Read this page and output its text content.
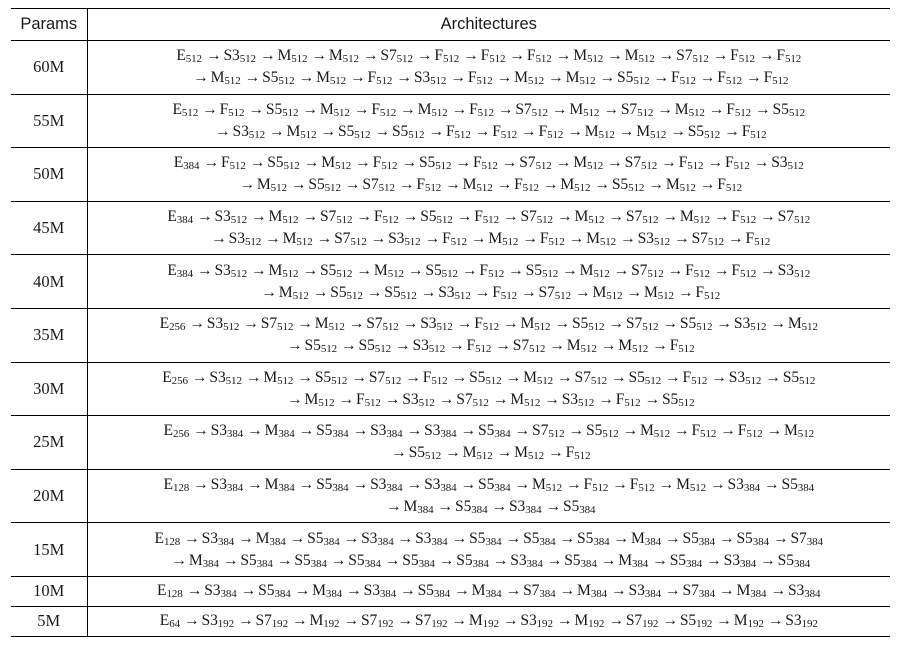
Params	Architectures
60M	$E_{512} \to S3_{512} \to M_{512} \to M_{512} \to S7_{512} \to F_{512} \to F_{512} \to F_{512} \to M_{512} \to M_{512} \to S7_{512} \to F_{512} \to F_{512}$
→ $M_{512} \to S5_{512} \to M_{512} \to F_{512} \to S3_{512} \to F_{512} \to M_{512} \to M_{512} \to S5_{512} \to F_{512} \to F_{512} \to F_{512}$

55M	$E_{512} \to F_{512} \to S5_{512} \to M_{512} \to F_{512} \to M_{512} \to F_{512} \to S7_{512} \to M_{512} \to S7_{512} \to M_{512} \to F_{512} \to S5_{512}$
→ $S3_{512} \to M_{512} \to S5_{512} \to S5_{512} \to F_{512} \to F_{512} \to F_{512} \to M_{512} \to M_{512} \to S5_{512} \to F_{512}$

50M	$E_{384} \to F_{512} \to S5_{512} \to M_{512} \to F_{512} \to S5_{512} \to F_{512} \to S7_{512} \to M_{512} \to S7_{512} \to F_{512} \to F_{512} \to S3_{512}$
→ $M_{512} \to S5_{512} \to S7_{512} \to F_{512} \to M_{512} \to F_{512} \to M_{512} \to S5_{512} \to M_{512} \to F_{512}$

45M	$E_{384} \to S3_{512} \to M_{512} \to S7_{512} \to F_{512} \to S5_{512} \to F_{512} \to S7_{512} \to M_{512} \to S7_{512} \to M_{512} \to F_{512} \to S7_{512}$
→ $S3_{512} \to M_{512} \to S7_{512} \to S3_{512} \to F_{512} \to M_{512} \to F_{512} \to M_{512} \to S3_{512} \to S7_{512} \to F_{512}$

40M	$E_{384} \to S3_{512} \to M_{512} \to S5_{512} \to M_{512} \to S5_{512} \to F_{512} \to S5_{512} \to M_{512} \to S7_{512} \to F_{512} \to F_{512} \to S3_{512}$
→ $M_{512} \to S5_{512} \to S5_{512} \to S3_{512} \to F_{512} \to S7_{512} \to M_{512} \to M_{512} \to F_{512}$

35M	$E_{256} \to S3_{512} \to S7_{512} \to M_{512} \to S7_{512} \to S3_{512} \to F_{512} \to M_{512} \to S5_{512} \to S7_{512} \to S5_{512} \to S3_{512} \to M_{512}$
→ $S5_{512} \to S5_{512} \to S3_{512} \to F_{512} \to S7_{512} \to M_{512} \to M_{512} \to F_{512}$

30M	$E_{256} \to S3_{512} \to M_{512} \to S5_{512} \to S7_{512} \to F_{512} \to S5_{512} \to M_{512} \to S7_{512} \to S5_{512} \to F_{512} \to S3_{512} \to S5_{512}$
→ $M_{512} \to F_{512} \to S3_{512} \to S7_{512} \to M_{512} \to S3_{512} \to F_{512} \to S5_{512}$

25M	$E_{256} \to S3_{384} \to M_{384} \to S5_{384} \to S3_{384} \to S3_{384} \to S5_{384} \to S7_{512} \to S5_{512} \to M_{512} \to F_{512} \to F_{512} \to M_{512}$
→ $S5_{512} \to M_{512} \to M_{512} \to F_{512}$

20M	$E_{128} \to S3_{384} \to M_{384} \to S5_{384} \to S3_{384} \to S3_{384} \to S5_{384} \to M_{512} \to F_{512} \to F_{512} \to M_{512} \to S3_{384} \to S5_{384}$
→ $M_{384} \to S5_{384} \to S3_{384} \to S5_{384}$

15M	$E_{128} \to S3_{384} \to M_{384} \to S5_{384} \to S3_{384} \to S3_{384} \to S5_{384} \to S5_{384} \to S5_{384} \to M_{384} \to S5_{384} \to S5_{384} \to S7_{384}$
→ $M_{384} \to S5_{384} \to S5_{384} \to S5_{384} \to S5_{384} \to S5_{384} \to S3_{384} \to S5_{384} \to M_{384} \to S5_{384} \to S3_{384} \to S5_{384}$

10M	$E_{128} \to S3_{384} \to S5_{384} \to M_{384} \to S3_{384} \to S5_{384} \to M_{384} \to S7_{384} \to M_{384} \to S3_{384} \to S7_{384} \to M_{384} \to S3_{384}$

5M	$E_{64} \to S3_{192} \to S7_{192} \to M_{192} \to S7_{192} \to S7_{192} \to M_{192} \to S3_{192} \to M_{192} \to S7_{192} \to S5_{192} \to M_{192} \to S3_{192}$
